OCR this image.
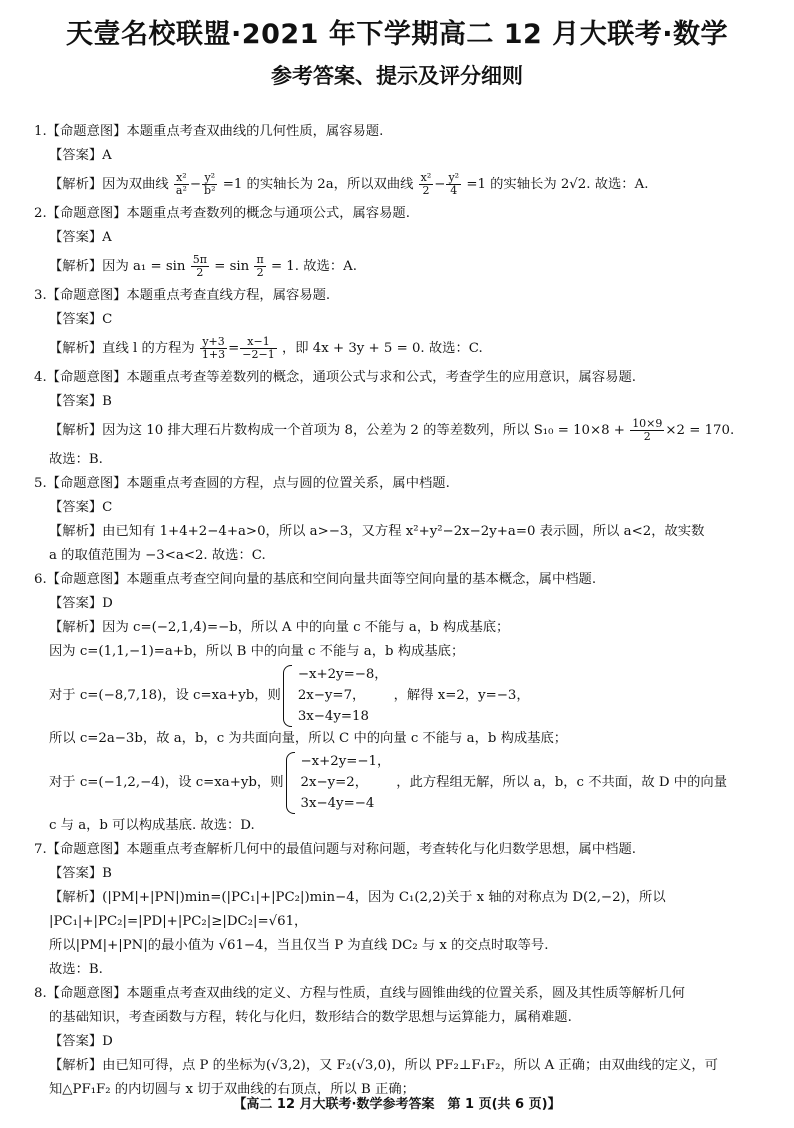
天壹名校联盟·2021 年下学期高二 12 月大联考·数学
参考答案、提示及评分细则
1.【命题意图】本题重点考查双曲线的几何性质，属容易题.
【答案】A
【解析】因为双曲线 $\frac{\text{x²}}{\text{a²}} - \frac{\text{y²}}{\text{b²}} =1$ 的实轴长为 2a，所以双曲线 $\frac{\text{x²}}{2} - \frac{\text{y²}}{4} =1$ 的实轴长为 2√2. 故选：A.
2.【命题意图】本题重点考查数列的概念与通项公式，属容易题.
【答案】A
【解析】因为 $a_1 = \sin \frac{5\pi}{2} = \sin \frac{\pi}{2} = 1$. 故选：A.
3.【命题意图】本题重点考查直线方程，属容易题.
【答案】C
【解析】直线 l 的方程为 $\frac{y+3}{1+3} = \frac{x-1}{-2-1}$ ，即 4x + 3y + 5 = 0. 故选：C.
4.【命题意图】本题重点考查等差数列的概念，通项公式与求和公式，考查学生的应用意识，属容易题.
【答案】B
【解析】因为这 10 排大理石片数构成一个首项为 8，公差为 2 的等差数列，所以 $S_{10} = 10\times 8 + \frac{10\times 9}{2} \times 2 = 170$.
故选：B.
5.【命题意图】本题重点考查圆的方程，点与圆的位置关系，属中档题.
【答案】C
【解析】由已知有 1+4+2−4+a>0，所以 a>−3，又方程 x²+y²−2x−2y+a=0 表示圆，所以 a<2，故实数
a 的取值范围为 −3<a<2. 故选：C.
6.【命题意图】本题重点考查空间向量的基底和空间向量共面等空间向量的基本概念，属中档题.
【答案】D
【解析】因为 c=(−2,1,4)=−b，所以 A 中的向量 c 不能与 a，b 构成基底；
因为 c=(1,1,−1)=a+b，所以 B 中的向量 c 不能与 a，b 构成基底；
对于 c=(−8,7,18)，设 c=xa+yb，则
−x+2y=−8，
2x−y=7，
3x−4y=18
，解得 x=2，y=−3，
所以 c=2a−3b，故 a，b，c 为共面向量，所以 C 中的向量 c 不能与 a，b 构成基底；
对于 c=(−1,2,−4)，设 c=xa+yb，则
−x+2y=−1，
2x−y=2，
3x−4y=−4
，此方程组无解，所以 a，b，c 不共面，故 D 中的向量
c 与 a，b 可以构成基底. 故选：D.
7.【命题意图】本题重点考查解析几何中的最值问题与对称问题，考查转化与化归数学思想，属中档题.
【答案】B
【解析】(|PM|+|PN|)min=(|PC₁|+|PC₂|)min−4，因为 C₁(2,2)关于 x 轴的对称点为 D(2,−2)，所以
|PC₁|+|PC₂|=|PD|+|PC₂|≥|DC₂|=√61，
所以|PM|+|PN|的最小值为 √61−4，当且仅当 P 为直线 DC₂ 与 x 的交点时取等号.
故选：B.
8.【命题意图】本题重点考查双曲线的定义、方程与性质，直线与圆锥曲线的位置关系，圆及其性质等解析几何
的基础知识，考查函数与方程，转化与化归，数形结合的数学思想与运算能力，属稍难题.
【答案】D
【解析】由已知可得，点 P 的坐标为(√3,2)，又 F₂(√3,0)，所以 PF₂⊥F₁F₂，所以 A 正确；由双曲线的定义，可
知△PF₁F₂ 的内切圆与 x 切于双曲线的右顶点，所以 B 正确；
【高二 12 月大联考·数学参考答案　第 1 页(共 6 页)】
